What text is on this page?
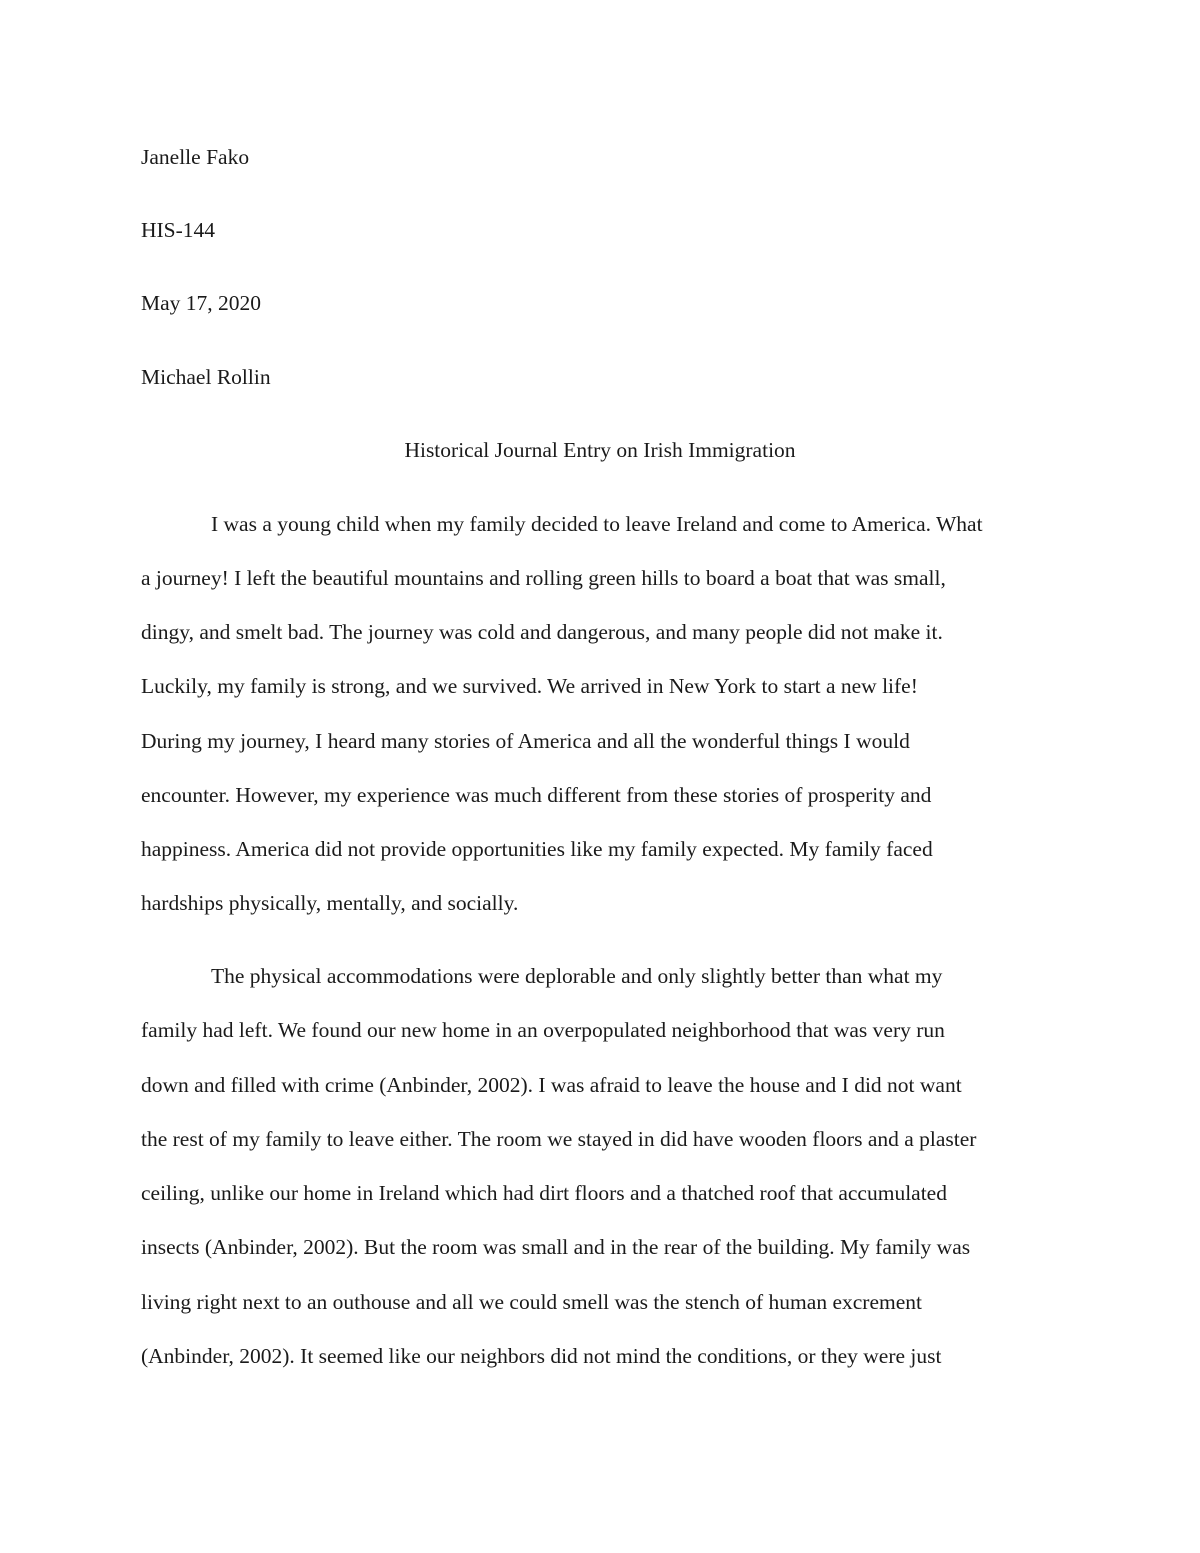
Janelle Fako

HIS-144

May 17, 2020

Michael Rollin

Historical Journal Entry on Irish Immigration

I was a young child when my family decided to leave Ireland and come to America. What

a journey! I left the beautiful mountains and rolling green hills to board a boat that was small,

dingy, and smelt bad. The journey was cold and dangerous, and many people did not make it.

Luckily, my family is strong, and we survived. We arrived in New York to start a new life!

During my journey, I heard many stories of America and all the wonderful things I would

encounter. However, my experience was much different from these stories of prosperity and

happiness. America did not provide opportunities like my family expected. My family faced

hardships physically, mentally, and socially.

The physical accommodations were deplorable and only slightly better than what my

family had left. We found our new home in an overpopulated neighborhood that was very run

down and filled with crime (Anbinder, 2002). I was afraid to leave the house and I did not want

the rest of my family to leave either. The room we stayed in did have wooden floors and a plaster

ceiling, unlike our home in Ireland which had dirt floors and a thatched roof that accumulated

insects (Anbinder, 2002). But the room was small and in the rear of the building. My family was

living right next to an outhouse and all we could smell was the stench of human excrement

(Anbinder, 2002). It seemed like our neighbors did not mind the conditions, or they were just
